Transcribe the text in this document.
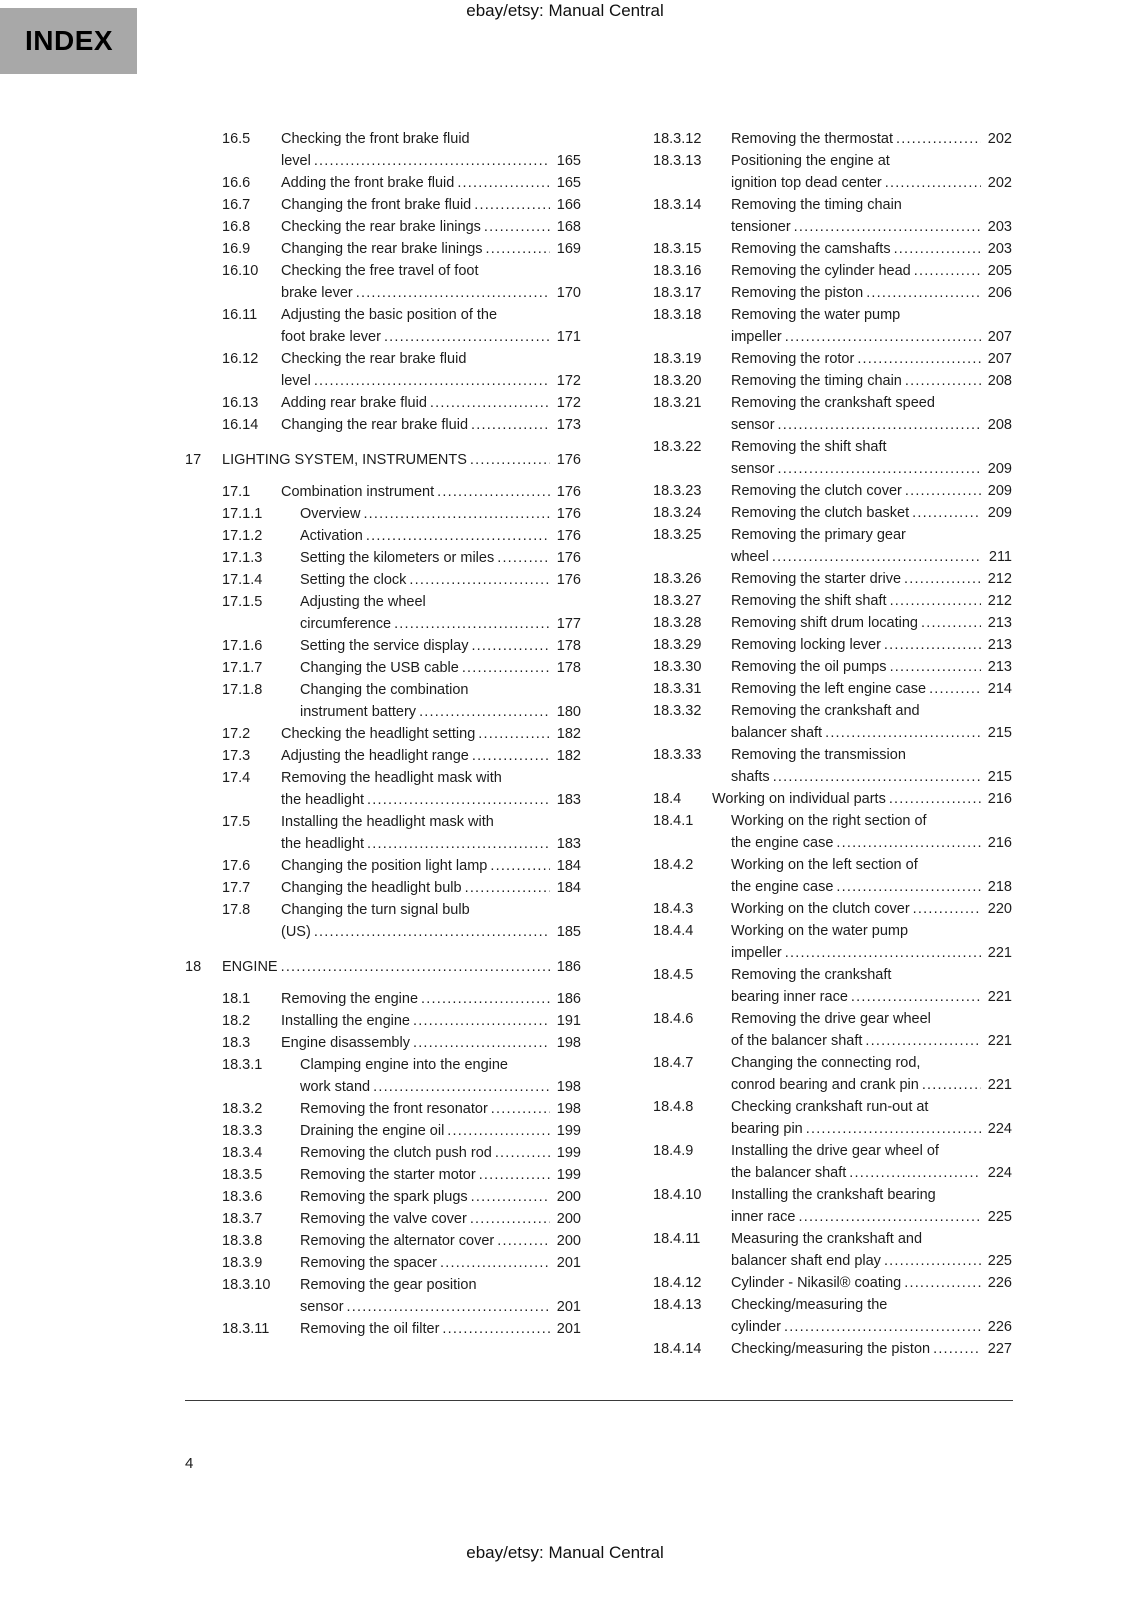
ebay/etsy: Manual Central
INDEX
16.5	Checking the front brake fluid
level .....	165
16.6	Adding the front brake fluid .....	165
16.7	Changing the front brake fluid .....	166
16.8	Checking the rear brake linings .....	168
16.9	Changing the rear brake linings .....	169
16.10	Checking the free travel of foot
brake lever .....	170
16.11	Adjusting the basic position of the
foot brake lever .....	171
16.12	Checking the rear brake fluid
level .....	172
16.13	Adding rear brake fluid .....	172
16.14	Changing the rear brake fluid .....	173
17	LIGHTING SYSTEM, INSTRUMENTS .....	176
17.1	Combination instrument .....	176
17.1.1	Overview .....	176
17.1.2	Activation .....	176
17.1.3	Setting the kilometers or miles .....	176
17.1.4	Setting the clock .....	176
17.1.5	Adjusting the wheel
circumference .....	177
17.1.6	Setting the service display .....	178
17.1.7	Changing the USB cable .....	178
17.1.8	Changing the combination
instrument battery .....	180
17.2	Checking the headlight setting .....	182
17.3	Adjusting the headlight range .....	182
17.4	Removing the headlight mask with
the headlight .....	183
17.5	Installing the headlight mask with
the headlight .....	183
17.6	Changing the position light lamp .....	184
17.7	Changing the headlight bulb .....	184
17.8	Changing the turn signal bulb
(US) .....	185
18	ENGINE .....	186
18.1	Removing the engine .....	186
18.2	Installing the engine .....	191
18.3	Engine disassembly .....	198
18.3.1	Clamping engine into the engine
work stand .....	198
18.3.2	Removing the front resonator .....	198
18.3.3	Draining the engine oil .....	199
18.3.4	Removing the clutch push rod .....	199
18.3.5	Removing the starter motor .....	199
18.3.6	Removing the spark plugs .....	200
18.3.7	Removing the valve cover .....	200
18.3.8	Removing the alternator cover .....	200
18.3.9	Removing the spacer .....	201
18.3.10	Removing the gear position
sensor .....	201
18.3.11	Removing the oil filter .....	201
18.3.12	Removing the thermostat .....	202
18.3.13	Positioning the engine at
ignition top dead center .....	202
18.3.14	Removing the timing chain
tensioner .....	203
18.3.15	Removing the camshafts .....	203
18.3.16	Removing the cylinder head .....	205
18.3.17	Removing the piston .....	206
18.3.18	Removing the water pump
impeller .....	207
18.3.19	Removing the rotor .....	207
18.3.20	Removing the timing chain .....	208
18.3.21	Removing the crankshaft speed
sensor .....	208
18.3.22	Removing the shift shaft
sensor .....	209
18.3.23	Removing the clutch cover .....	209
18.3.24	Removing the clutch basket .....	209
18.3.25	Removing the primary gear
wheel .....	211
18.3.26	Removing the starter drive .....	212
18.3.27	Removing the shift shaft .....	212
18.3.28	Removing shift drum locating .....	213
18.3.29	Removing locking lever .....	213
18.3.30	Removing the oil pumps .....	213
18.3.31	Removing the left engine case .....	214
18.3.32	Removing the crankshaft and
balancer shaft .....	215
18.3.33	Removing the transmission
shafts .....	215
18.4	Working on individual parts .....	216
18.4.1	Working on the right section of
the engine case .....	216
18.4.2	Working on the left section of
the engine case .....	218
18.4.3	Working on the clutch cover .....	220
18.4.4	Working on the water pump
impeller .....	221
18.4.5	Removing the crankshaft
bearing inner race .....	221
18.4.6	Removing the drive gear wheel
of the balancer shaft .....	221
18.4.7	Changing the connecting rod,
conrod bearing and crank pin .....	221
18.4.8	Checking crankshaft run-out at
bearing pin .....	224
18.4.9	Installing the drive gear wheel of
the balancer shaft .....	224
18.4.10	Installing the crankshaft bearing
inner race .....	225
18.4.11	Measuring the crankshaft and
balancer shaft end play .....	225
18.4.12	Cylinder - Nikasil® coating .....	226
18.4.13	Checking/measuring the
cylinder .....	226
18.4.14	Checking/measuring the piston .....	227
4
ebay/etsy: Manual Central
